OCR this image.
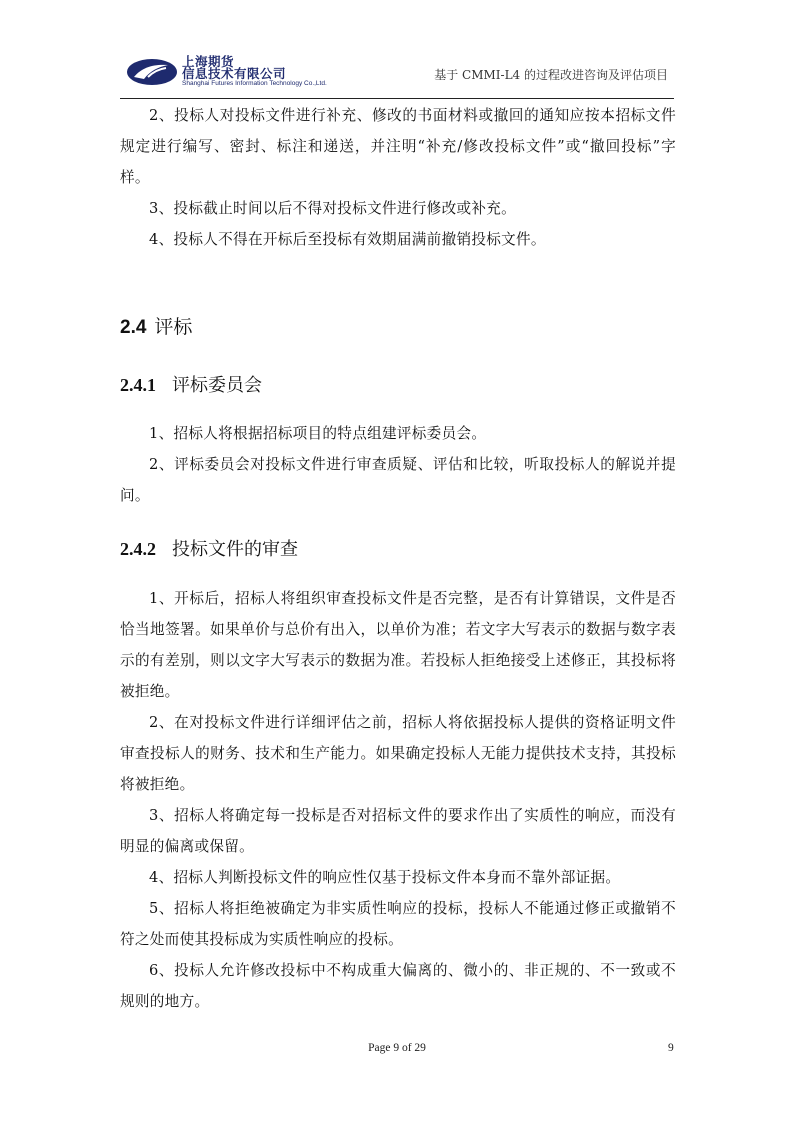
上海期货
信息技术有限公司
Shanghai Futures Information Technology Co.,Ltd.
基于 CMMI-L4 的过程改进咨询及评估项目

2、投标人对投标文件进行补充、修改的书面材料或撤回的通知应按本招标文件规定进行编写、密封、标注和递送，并注明“补充/修改投标文件”或“撤回投标”字样。

3、投标截止时间以后不得对投标文件进行修改或补充。

4、投标人不得在开标后至投标有效期届满前撤销投标文件。

2.4 评标
2.4.1 评标委员会

1、招标人将根据招标项目的特点组建评标委员会。

2、评标委员会对投标文件进行审查质疑、评估和比较，听取投标人的解说并提问。

2.4.2 投标文件的审查

1、开标后，招标人将组织审查投标文件是否完整，是否有计算错误，文件是否恰当地签署。如果单价与总价有出入，以单价为准；若文字大写表示的数据与数字表示的有差别，则以文字大写表示的数据为准。若投标人拒绝接受上述修正，其投标将被拒绝。

2、在对投标文件进行详细评估之前，招标人将依据投标人提供的资格证明文件审查投标人的财务、技术和生产能力。如果确定投标人无能力提供技术支持，其投标将被拒绝。

3、招标人将确定每一投标是否对招标文件的要求作出了实质性的响应，而没有明显的偏离或保留。

4、招标人判断投标文件的响应性仅基于投标文件本身而不靠外部证据。

5、招标人将拒绝被确定为非实质性响应的投标，投标人不能通过修正或撤销不符之处而使其投标成为实质性响应的投标。

6、投标人允许修改投标中不构成重大偏离的、微小的、非正规的、不一致或不规则的地方。

Page 9 of 29	9
